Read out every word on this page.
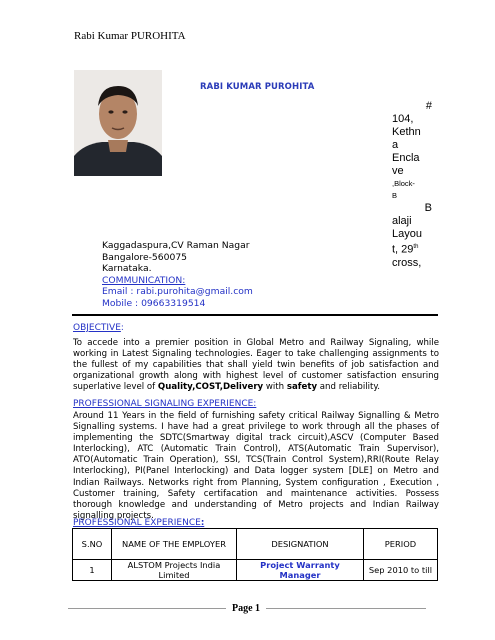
Rabi Kumar PUROHITA
RABI KUMAR PUROHITA
#
104,
Kethn
a
Encla
ve
,Block-
B
B
alaji
Layou
t, 29th
cross,
Kaggadaspura,CV Raman Nagar
Bangalore-560075
Karnataka.
COMMUNICATION:
Email : rabi.purohita@gmail.com
Mobile : 09663319514
OBJECTIVE:
To accede into a premier position in Global Metro and Railway Signaling, while working in Latest Signaling technologies. Eager to take challenging assignments to the fullest of my capabilities that shall yield twin benefits of job satisfaction and organizational growth along with highest level of customer satisfaction ensuring superlative level of Quality,COST,Delivery with safety and reliability.
PROFESSIONAL SIGNALING EXPERIENCE:
Around 11 Years in the field of furnishing safety critical Railway Signalling & Metro Signalling systems. I have had a great privilege to work through all the phases of implementing the SDTC(Smartway digital track circuit),ASCV (Computer Based Interlocking), ATC (Automatic Train Control), ATS(Automatic Train Supervisor), ATO(Automatic Train Operation), SSI, TCS(Train Control System),RRI(Route Relay Interlocking), PI(Panel Interlocking) and Data logger system [DLE] on Metro and Indian Railways. Networks right from Planning, System configuration , Execution , Customer training, Safety certifacation and maintenance activities. Possess thorough knowledge and understanding of Metro projects and Indian Railway signalling projects.
PROFESSIONAL EXPERIENCE:
S.NO	NAME OF THE EMPLOYER	DESIGNATION	PERIOD
1	ALSTOM Projects India Limited	Project Warranty Manager	Sep 2010 to till
Page 1
